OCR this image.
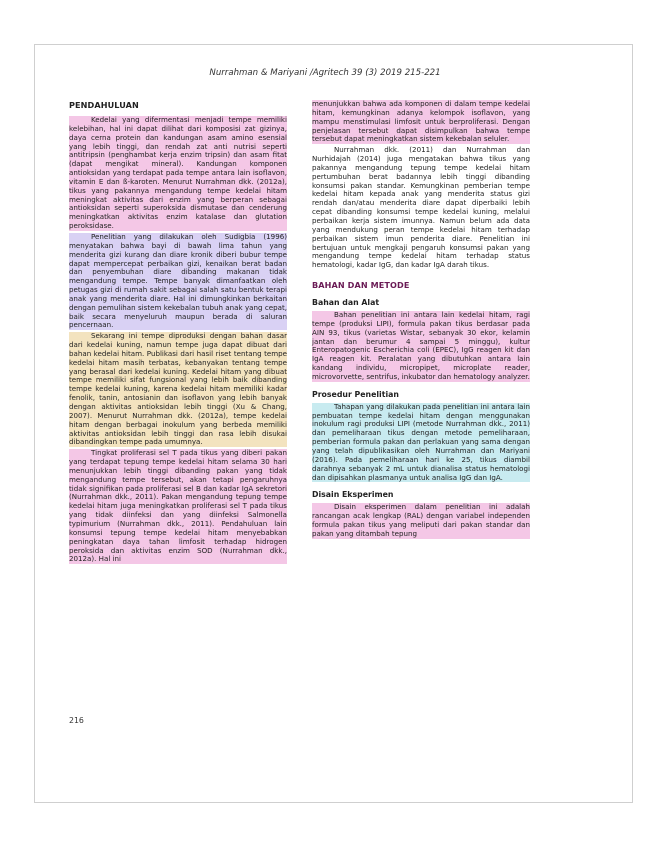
Nurrahman & Mariyani /Agritech 39 (3) 2019 215-221
PENDAHULUAN

Kedelai yang difermentasi menjadi tempe memiliki kelebihan, hal ini dapat dilihat dari komposisi zat gizinya, daya cerna protein dan kandungan asam amino esensial yang lebih tinggi, dan rendah zat anti nutrisi seperti antitripsin (penghambat kerja enzim tripsin) dan asam fitat (dapat mengikat mineral). Kandungan komponen antioksidan yang terdapat pada tempe antara lain isoflavon, vitamin E dan ß-karoten. Menurut Nurrahman dkk. (2012a), tikus yang pakannya mengandung tempe kedelai hitam meningkat aktivitas dari enzim yang berperan sebagai antioksidan seperti superoksida dismutase dan cenderung meningkatkan aktivitas enzim katalase dan glutation peroksidase.

Penelitian yang dilakukan oleh Sudigbia (1996) menyatakan bahwa bayi di bawah lima tahun yang menderita gizi kurang dan diare kronik diberi bubur tempe dapat mempercepat perbaikan gizi, kenaikan berat badan dan penyembuhan diare dibanding makanan tidak mengandung tempe. Tempe banyak dimanfaatkan oleh petugas gizi di rumah sakit sebagai salah satu bentuk terapi anak yang menderita diare. Hal ini dimungkinkan berkaitan dengan pemulihan sistem kekebalan tubuh anak yang cepat, baik secara menyeluruh maupun berada di saluran pencernaan.

Sekarang ini tempe diproduksi dengan bahan dasar dari kedelai kuning, namun tempe juga dapat dibuat dari bahan kedelai hitam. Publikasi dari hasil riset tentang tempe kedelai hitam masih terbatas, kebanyakan tentang tempe yang berasal dari kedelai kuning. Kedelai hitam yang dibuat tempe memiliki sifat fungsional yang lebih baik dibanding tempe kedelai kuning, karena kedelai hitam memiliki kadar fenolik, tanin, antosianin dan isoflavon yang lebih banyak dengan aktivitas antioksidan lebih tinggi (Xu & Chang, 2007). Menurut Nurrahman dkk. (2012a), tempe kedelai hitam dengan berbagai inokulum yang berbeda memiliki aktivitas antioksidan lebih tinggi dan rasa lebih disukai dibandingkan tempe pada umumnya.

Tingkat proliferasi sel T pada tikus yang diberi pakan yang terdapat tepung tempe kedelai hitam selama 30 hari menunjukkan lebih tinggi dibanding pakan yang tidak mengandung tempe tersebut, akan tetapi pengaruhnya tidak signifikan pada proliferasi sel B dan kadar IgA sekretori (Nurrahman dkk., 2011). Pakan mengandung tepung tempe kedelai hitam juga meningkatkan proliferasi sel T pada tikus yang tidak diinfeksi dan yang diinfeksi Salmonella typimurium (Nurrahman dkk., 2011). Pendahuluan lain konsumsi tepung tempe kedelai hitam menyebabkan peningkatan daya tahan limfosit terhadap hidrogen peroksida dan aktivitas enzim SOD (Nurrahman dkk., 2012a). Hal ini

menunjukkan bahwa ada komponen di dalam tempe kedelai hitam, kemungkinan adanya kelompok isoflavon, yang mampu menstimulasi limfosit untuk berproliferasi. Dengan penjelasan tersebut dapat disimpulkan bahwa tempe tersebut dapat meningkatkan sistem kekebalan seluler.

Nurrahman dkk. (2011) dan Nurrahman dan Nurhidajah (2014) juga mengatakan bahwa tikus yang pakannya mengandung tepung tempe kedelai hitam pertumbuhan berat badannya lebih tinggi dibanding konsumsi pakan standar. Kemungkinan pemberian tempe kedelai hitam kepada anak yang menderita status gizi rendah dan/atau menderita diare dapat diperbaiki lebih cepat dibanding konsumsi tempe kedelai kuning, melalui perbaikan kerja sistem imunnya. Namun belum ada data yang mendukung peran tempe kedelai hitam terhadap perbaikan sistem imun penderita diare. Penelitian ini bertujuan untuk mengkaji pengaruh konsumsi pakan yang mengandung tempe kedelai hitam terhadap status hematologi, kadar IgG, dan kadar IgA darah tikus.

BAHAN DAN METODE
Bahan dan Alat

Bahan penelitian ini antara lain kedelai hitam, ragi tempe (produksi LIPI), formula pakan tikus berdasar pada AIN 93, tikus (varietas Wistar, sebanyak 30 ekor, kelamin jantan dan berumur 4 sampai 5 minggu), kultur Enteropatogenic Escherichia coli (EPEC), IgG reagen kit dan IgA reagen kit. Peralatan yang dibutuhkan antara lain kandang individu, micropipet, microplate reader, microvorvette, sentrifus, inkubator dan hematology analyzer.

Prosedur Penelitian

Tahapan yang dilakukan pada penelitian ini antara lain pembuatan tempe kedelai hitam dengan menggunakan inokulum ragi produksi LIPI (metode Nurrahman dkk., 2011) dan pemeliharaan tikus dengan metode pemeliharaan, pemberian formula pakan dan perlakuan yang sama dengan yang telah dipublikasikan oleh Nurrahman dan Mariyani (2016). Pada pemeliharaan hari ke 25, tikus diambil darahnya sebanyak 2 mL untuk dianalisa status hematologi dan dipisahkan plasmanya untuk analisa IgG dan IgA.

Disain Eksperimen

Disain eksperimen dalam penelitian ini adalah rancangan acak lengkap (RAL) dengan variabel independen formula pakan tikus yang meliputi dari pakan standar dan pakan yang ditambah tepung

216
